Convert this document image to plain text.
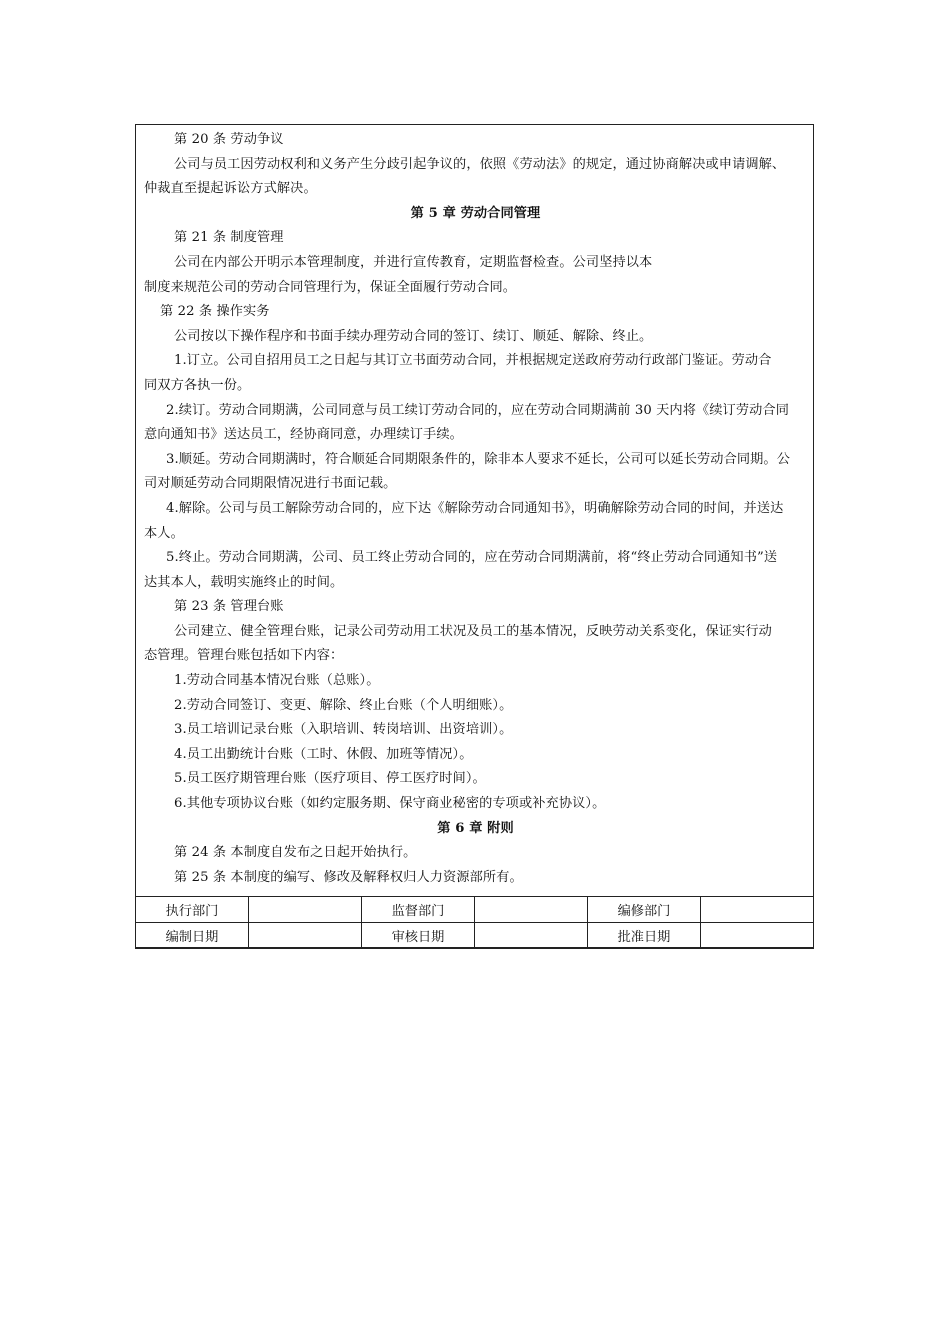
第 20 条 劳动争议
公司与员工因劳动权利和义务产生分歧引起争议的，依照《劳动法》的规定，通过协商解决或申请调解、
仲裁直至提起诉讼方式解决。
第 5 章 劳动合同管理
第 21 条 制度管理
公司在内部公开明示本管理制度，并进行宣传教育，定期监督检查。公司坚持以本
制度来规范公司的劳动合同管理行为，保证全面履行劳动合同。
第 22 条 操作实务
公司按以下操作程序和书面手续办理劳动合同的签订、续订、顺延、解除、终止。
1.订立。公司自招用员工之日起与其订立书面劳动合同，并根据规定送政府劳动行政部门鉴证。劳动合
同双方各执一份。
2.续订。劳动合同期满，公司同意与员工续订劳动合同的，应在劳动合同期满前 30 天内将《续订劳动合同
意向通知书》送达员工，经协商同意，办理续订手续。
3.顺延。劳动合同期满时，符合顺延合同期限条件的，除非本人要求不延长，公司可以延长劳动合同期。公
司对顺延劳动合同期限情况进行书面记载。
4.解除。公司与员工解除劳动合同的，应下达《解除劳动合同通知书》，明确解除劳动合同的时间，并送达
本人。
5.终止。劳动合同期满，公司、员工终止劳动合同的，应在劳动合同期满前，将“终止劳动合同通知书”送
达其本人，载明实施终止的时间。
第 23 条 管理台账
公司建立、健全管理台账，记录公司劳动用工状况及员工的基本情况，反映劳动关系变化，保证实行动
态管理。管理台账包括如下内容：
1.劳动合同基本情况台账（总账）。
2.劳动合同签订、变更、解除、终止台账（个人明细账）。
3.员工培训记录台账（入职培训、转岗培训、出资培训）。
4.员工出勤统计台账（工时、休假、加班等情况）。
5.员工医疗期管理台账（医疗项目、停工医疗时间）。
6.其他专项协议台账（如约定服务期、保守商业秘密的专项或补充协议）。
第 6 章 附则
第 24 条 本制度自发布之日起开始执行。
第 25 条 本制度的编写、修改及解释权归人力资源部所有。
执行部门		监督部门		编修部门	
编制日期		审核日期		批准日期	
